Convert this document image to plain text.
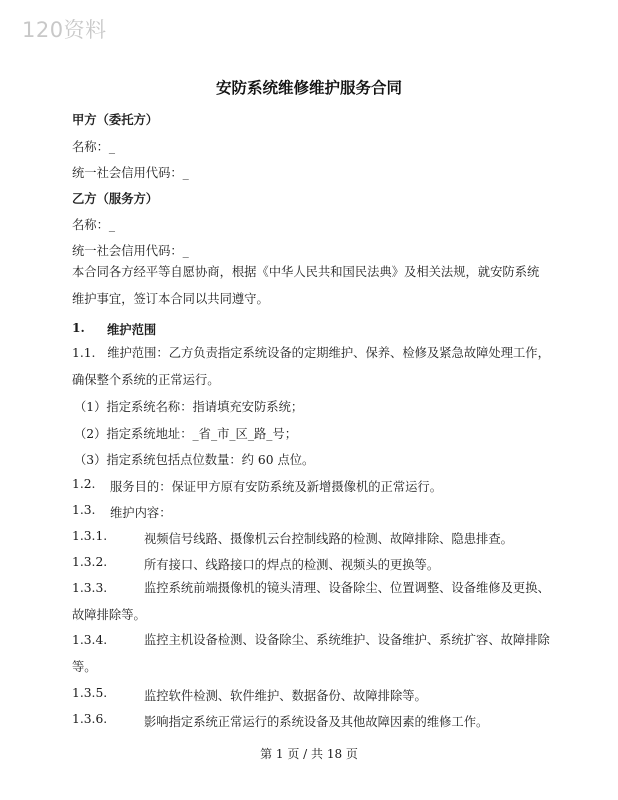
120资料
安防系统维修维护服务合同
甲方（委托方）
名称：_
统一社会信用代码：_
乙方（服务方）
名称：_
统一社会信用代码：_
本合同各方经平等自愿协商，根据《中华人民共和国民法典》及相关法规，就安防系统维护事宜，签订本合同以共同遵守。
1. 维护范围
1.1. 维护范围：乙方负责指定系统设备的定期维护、保养、检修及紧急故障处理工作，确保整个系统的正常运行。
（1）指定系统名称：指请填充安防系统；
（2）指定系统地址：_省_市_区_路_号；
（3）指定系统包括点位数量：约 60 点位。
1.2. 服务目的：保证甲方原有安防系统及新增摄像机的正常运行。
1.3. 维护内容：
1.3.1.	视频信号线路、摄像机云台控制线路的检测、故障排除、隐患排查。
1.3.2.	所有接口、线路接口的焊点的检测、视频头的更换等。
1.3.3.	监控系统前端摄像机的镜头清理、设备除尘、位置调整、设备维修及更换、故障排除等。
1.3.4.	监控主机设备检测、设备除尘、系统维护、设备维护、系统扩容、故障排除等。
1.3.5.	监控软件检测、软件维护、数据备份、故障排除等。
1.3.6.	影响指定系统正常运行的系统设备及其他故障因素的维修工作。
第 1 页 / 共 18 页
